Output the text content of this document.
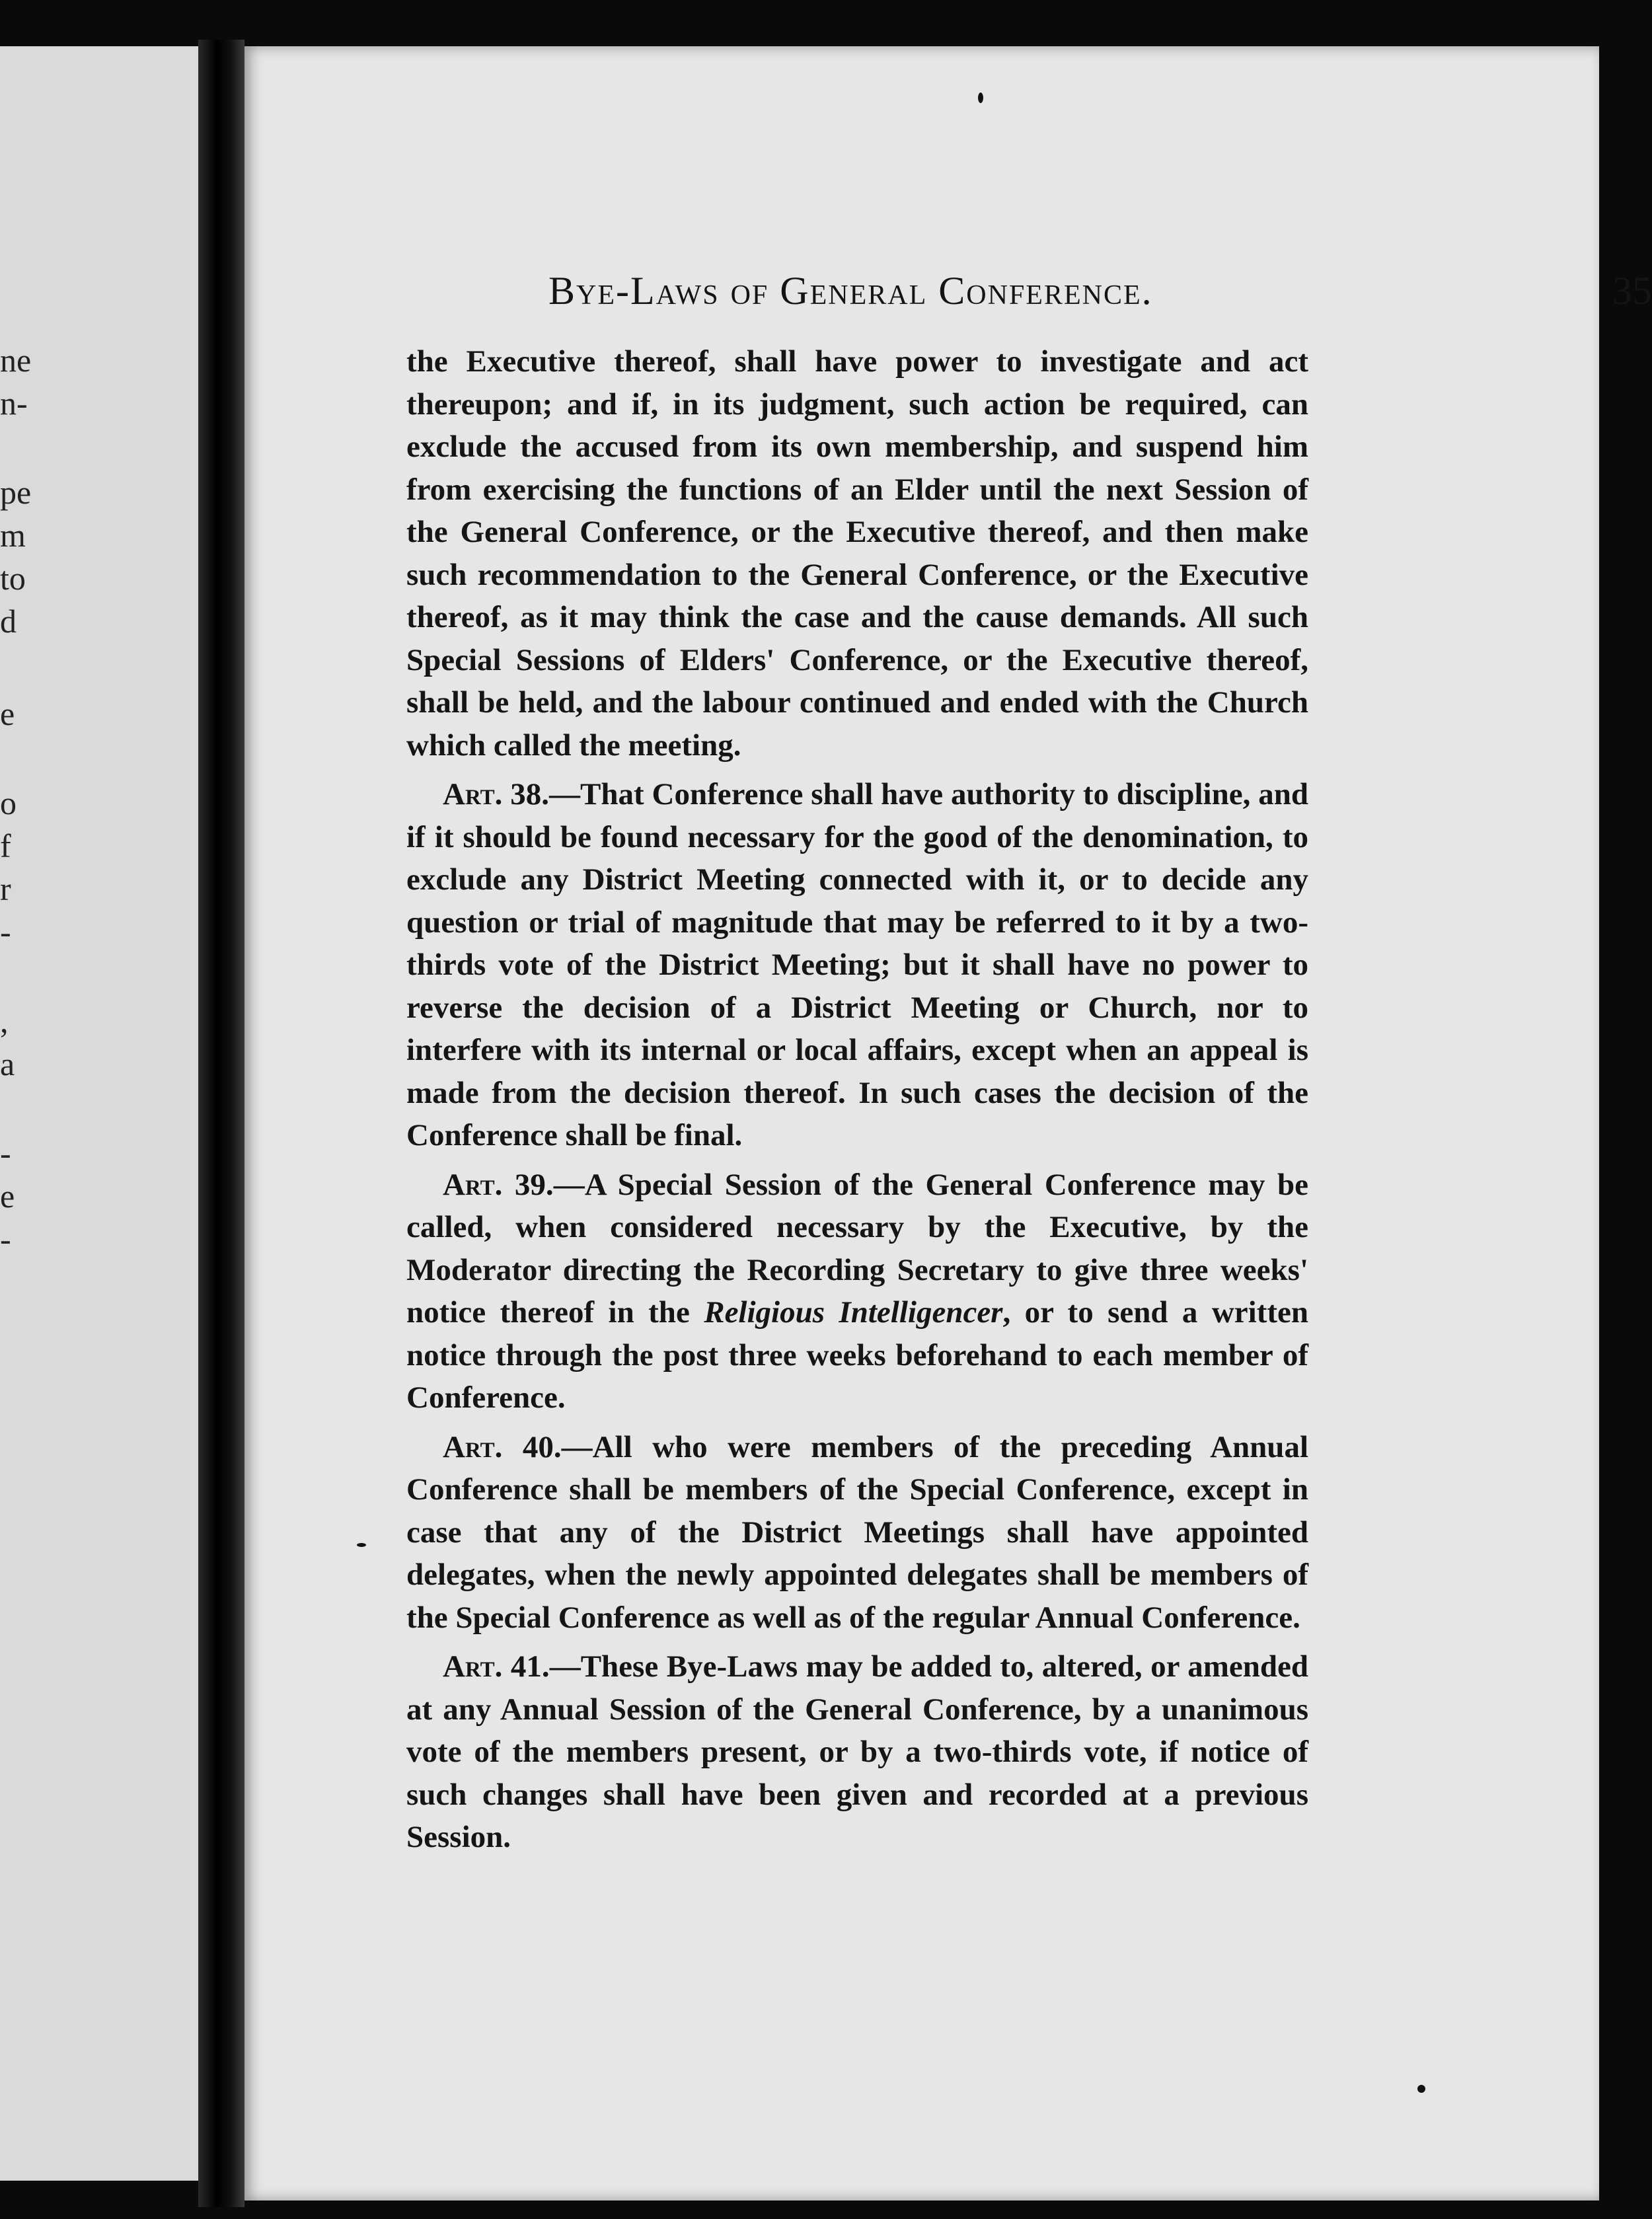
ne
n-
pe
m
to
d
e
o
f
r
-
,
a
-
e
-
Bye-Laws of General Conference.	35

the Executive thereof, shall have power to investigate and act thereupon; and if, in its judgment, such action be required, can exclude the accused from its own membership, and suspend him from exercising the functions of an Elder until the next Session of the General Conference, or the Executive thereof, and then make such recommendation to the General Conference, or the Executive thereof, as it may think the case and the cause demands. All such Special Sessions of Elders' Conference, or the Executive thereof, shall be held, and the labour continued and ended with the Church which called the meeting.

Art. 38.—That Conference shall have authority to discipline, and if it should be found necessary for the good of the denomination, to exclude any District Meeting connected with it, or to decide any question or trial of magnitude that may be referred to it by a two-thirds vote of the District Meeting; but it shall have no power to reverse the decision of a District Meeting or Church, nor to interfere with its internal or local affairs, except when an appeal is made from the decision thereof. In such cases the decision of the Conference shall be final.

Art. 39.—A Special Session of the General Conference may be called, when considered necessary by the Executive, by the Moderator directing the Recording Secretary to give three weeks' notice thereof in the Religious Intelligencer, or to send a written notice through the post three weeks beforehand to each member of Conference.

Art. 40.—All who were members of the preceding Annual Conference shall be members of the Special Conference, except in case that any of the District Meetings shall have appointed delegates, when the newly appointed delegates shall be members of the Special Conference as well as of the regular Annual Conference.

Art. 41.—These Bye-Laws may be added to, altered, or amended at any Annual Session of the General Conference, by a unanimous vote of the members present, or by a two-thirds vote, if notice of such changes shall have been given and recorded at a previous Session.
